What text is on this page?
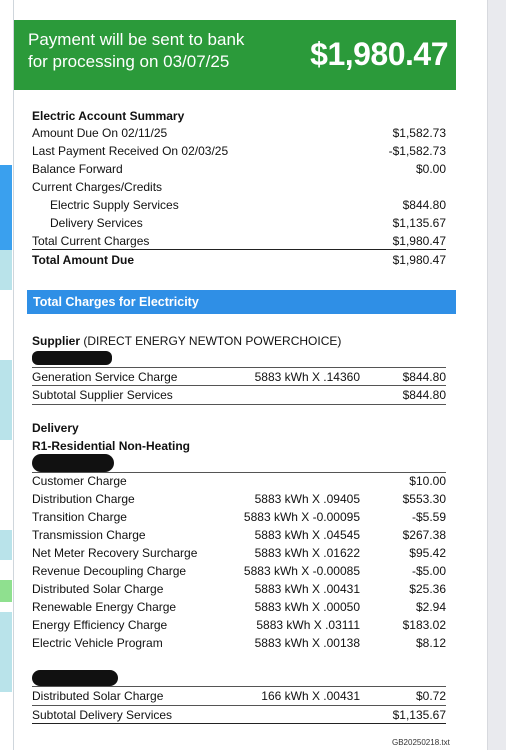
Payment will be sent to bank
for processing on 03/07/25	$1,980.47
Electric Account Summary
Amount Due On 02/11/25	$1,582.73
Last Payment Received On 02/03/25	-$1,582.73
Balance Forward	$0.00
Current Charges/Credits
Electric Supply Services	$844.80
Delivery Services	$1,135.67
Total Current Charges	$1,980.47
Total Amount Due	$1,980.47
Total Charges for Electricity
Supplier (DIRECT ENERGY NEWTON POWERCHOICE)
Generation Service Charge	5883 kWh X .14360	$844.80
Subtotal Supplier Services	$844.80
Delivery
R1-Residential Non-Heating
Customer Charge	$10.00
Distribution Charge	5883 kWh X .09405	$553.30
Transition Charge	5883 kWh X -0.00095	-$5.59
Transmission Charge	5883 kWh X .04545	$267.38
Net Meter Recovery Surcharge	5883 kWh X .01622	$95.42
Revenue Decoupling Charge	5883 kWh X -0.00085	-$5.00
Distributed Solar Charge	5883 kWh X .00431	$25.36
Renewable Energy Charge	5883 kWh X .00050	$2.94
Energy Efficiency Charge	5883 kWh X .03111	$183.02
Electric Vehicle Program	5883 kWh X .00138	$8.12
Distributed Solar Charge	166 kWh X .00431	$0.72
Subtotal Delivery Services	$1,135.67
GB20250218.txt
